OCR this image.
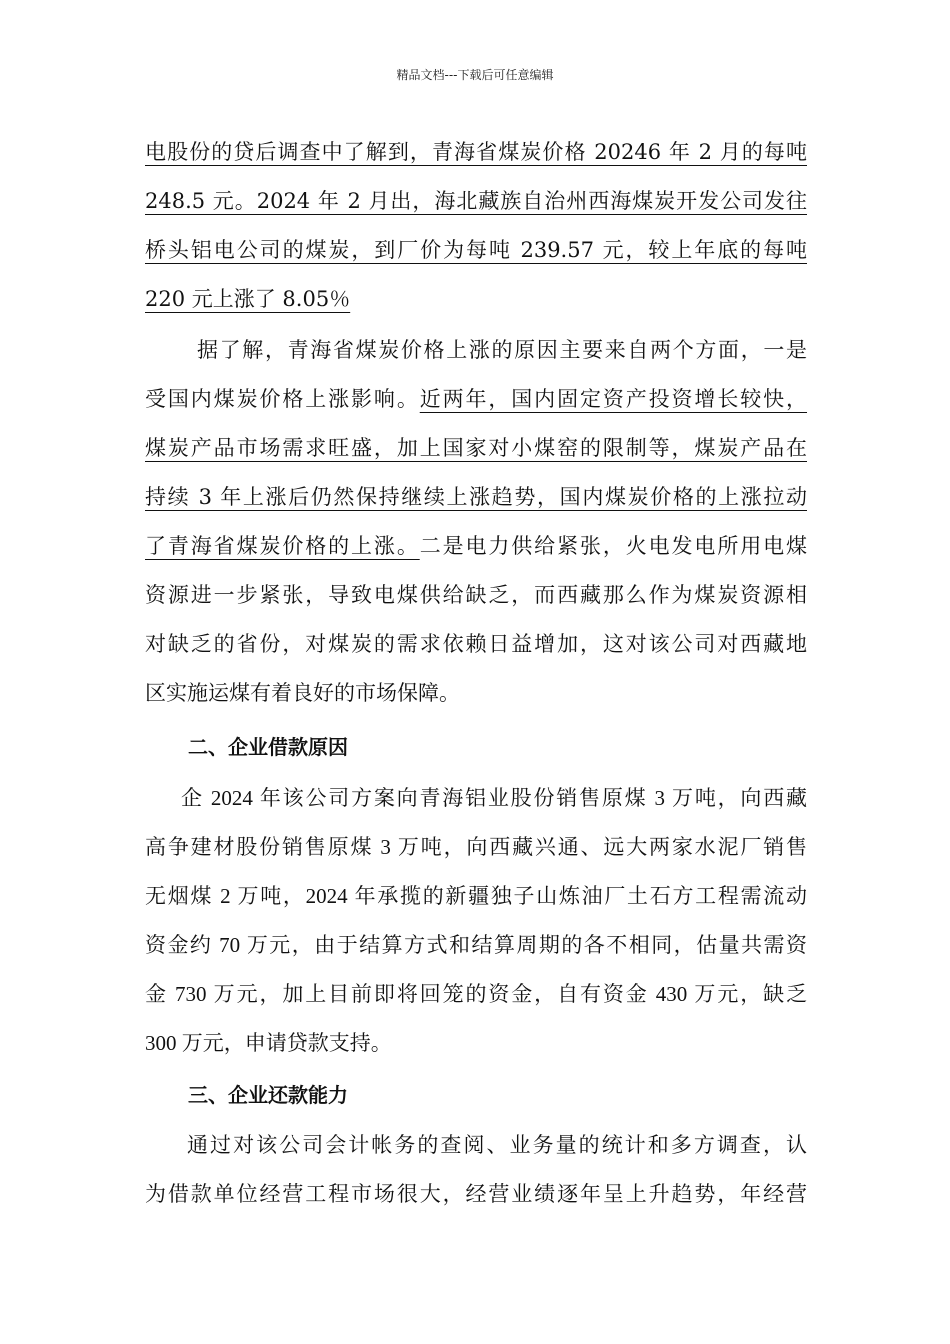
精品文档---下载后可任意编辑
电股份的贷后调查中了解到，青海省煤炭价格 20246 年 2 月的每吨
248.5 元。2024 年 2 月出，海北藏族自治州西海煤炭开发公司发往
桥头铝电公司的煤炭，到厂价为每吨 239.57 元，较上年底的每吨
220 元上涨了 8.05％
据了解，青海省煤炭价格上涨的原因主要来自两个方面，一是
受国内煤炭价格上涨影响。近两年，国内固定资产投资增长较快，
煤炭产品市场需求旺盛，加上国家对小煤窑的限制等，煤炭产品在
持续 3 年上涨后仍然保持继续上涨趋势，国内煤炭价格的上涨拉动
了青海省煤炭价格的上涨。二是电力供给紧张，火电发电所用电煤
资源进一步紧张，导致电煤供给缺乏，而西藏那么作为煤炭资源相
对缺乏的省份，对煤炭的需求依赖日益增加，这对该公司对西藏地
区实施运煤有着良好的市场保障。
二、企业借款原因
企 2024 年该公司方案向青海铝业股份销售原煤 3 万吨，向西藏
高争建材股份销售原煤 3 万吨，向西藏兴通、远大两家水泥厂销售
无烟煤 2 万吨，2024 年承揽的新疆独子山炼油厂土石方工程需流动
资金约 70 万元，由于结算方式和结算周期的各不相同，估量共需资
金 730 万元，加上目前即将回笼的资金，自有资金 430 万元，缺乏
300 万元，申请贷款支持。
三、企业还款能力
通过对该公司会计帐务的查阅、业务量的统计和多方调查，认
为借款单位经营工程市场很大，经营业绩逐年呈上升趋势，年经营
